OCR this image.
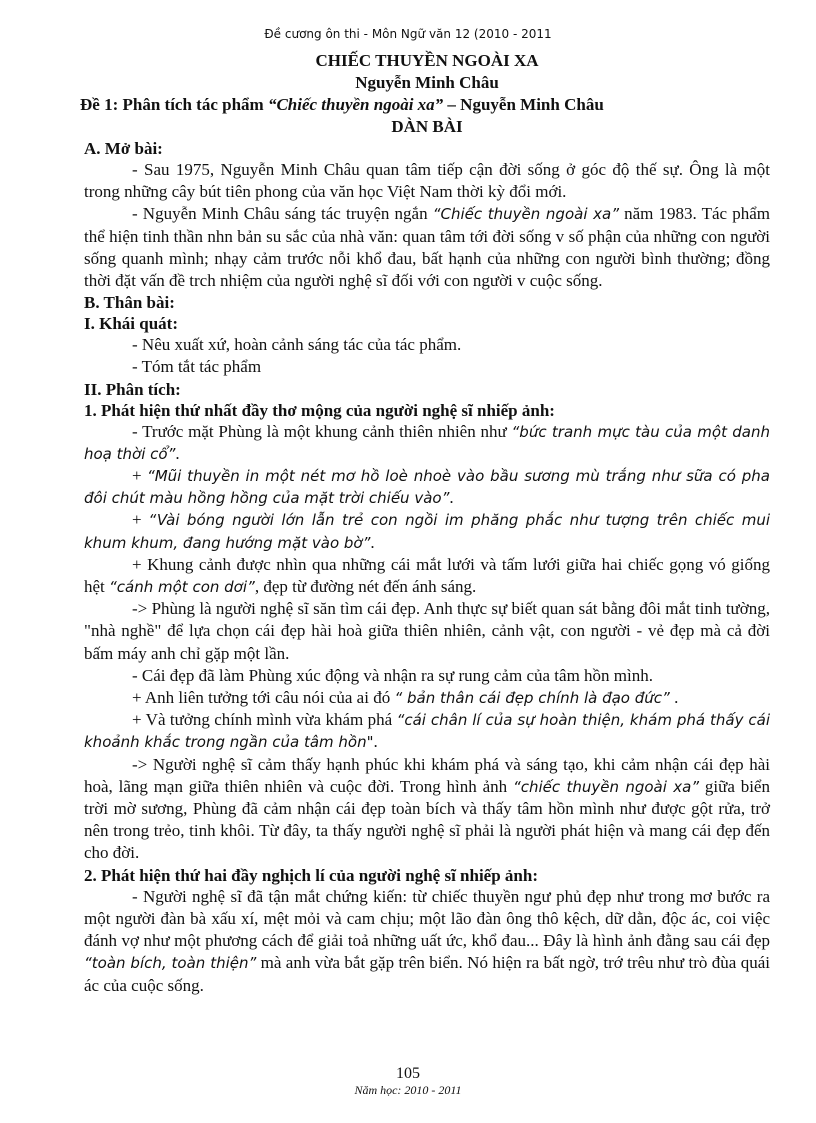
Đề cương ôn thi - Môn Ngữ văn 12 (2010 - 2011
CHIẾC THUYỀN NGOÀI XA
Nguyễn Minh Châu
Đề 1: Phân tích tác phẩm “Chiếc thuyền ngoài xa” – Nguyễn Minh Châu
DÀN BÀI
A. Mở bài:

- Sau 1975, Nguyễn Minh Châu quan tâm tiếp cận đời sống ở góc độ thế sự. Ông là một trong những cây bút tiên phong của văn học Việt Nam thời kỳ đổi mới.

- Nguyễn Minh Châu sáng tác truyện ngắn “Chiếc thuyền ngoài xa” năm 1983. Tác phẩm thể hiện tinh thần nhn bản su sắc của nhà văn: quan tâm tới đời sống v số phận của những con người sống quanh mình; nhạy cảm trước nỗi khổ đau, bất hạnh của những con người bình thường; đồng thời đặt vấn đề trch nhiệm của người nghệ sĩ đối với con người v cuộc sống.

B. Thân bài:
I. Khái quát:

- Nêu xuất xứ, hoàn cảnh sáng tác của tác phẩm.

- Tóm tắt tác phẩm

II. Phân tích:
1. Phát hiện thứ nhất đầy thơ mộng của người nghệ sĩ nhiếp ảnh:

- Trước mặt Phùng là một khung cảnh thiên nhiên như “bức tranh mực tàu của một danh hoạ thời cổ”.

+ “Mũi thuyền in một nét mơ hồ loè nhoè vào bầu sương mù trắng như sữa có pha đôi chút màu hồng hồng của mặt trời chiếu vào”.

+ “Vài bóng người lớn lẫn trẻ con ngồi im phăng phắc như tượng trên chiếc mui khum khum, đang hướng mặt vào bờ”.

+ Khung cảnh được nhìn qua những cái mắt lưới và tấm lưới giữa hai chiếc gọng vó giống hệt “cánh một con dơi”, đẹp từ đường nét đến ánh sáng.

-> Phùng là người nghệ sĩ săn tìm cái đẹp. Anh thực sự biết quan sát bằng đôi mắt tinh tường, "nhà nghề" để lựa chọn cái đẹp hài hoà giữa thiên nhiên, cảnh vật, con người - vẻ đẹp mà cả đời bấm máy anh chỉ gặp một lần.

- Cái đẹp đã làm Phùng xúc động và nhận ra sự rung cảm của tâm hồn mình.

+ Anh liên tưởng tới câu nói của ai đó “ bản thân cái đẹp chính là đạo đức” .

+ Và tưởng chính mình vừa khám phá “cái chân lí của sự hoàn thiện, khám phá thấy cái khoảnh khắc trong ngần của tâm hồn".

-> Người nghệ sĩ cảm thấy hạnh phúc khi khám phá và sáng tạo, khi cảm nhận cái đẹp hài hoà, lãng mạn giữa thiên nhiên và cuộc đời. Trong hình ảnh “chiếc thuyền ngoài xa” giữa biển trời mờ sương, Phùng đã cảm nhận cái đẹp toàn bích và thấy tâm hồn mình như được gột rửa, trở nên trong trẻo, tinh khôi. Từ đây, ta thấy người nghệ sĩ phải là người phát hiện và mang cái đẹp đến cho đời.

2. Phát hiện thứ hai đầy nghịch lí của người nghệ sĩ nhiếp ảnh:

- Người nghệ sĩ đã tận mắt chứng kiến: từ chiếc thuyền ngư phủ đẹp như trong mơ bước ra một người đàn bà xấu xí, mệt mỏi và cam chịu; một lão đàn ông thô kệch, dữ dằn, độc ác, coi việc đánh vợ như một phương cách để giải toả những uất ức, khổ đau... Đây là hình ảnh đằng sau cái đẹp “toàn bích, toàn thiện” mà anh vừa bắt gặp trên biển. Nó hiện ra bất ngờ, trớ trêu như trò đùa quái ác của cuộc sống.

105
Năm học: 2010 - 2011
